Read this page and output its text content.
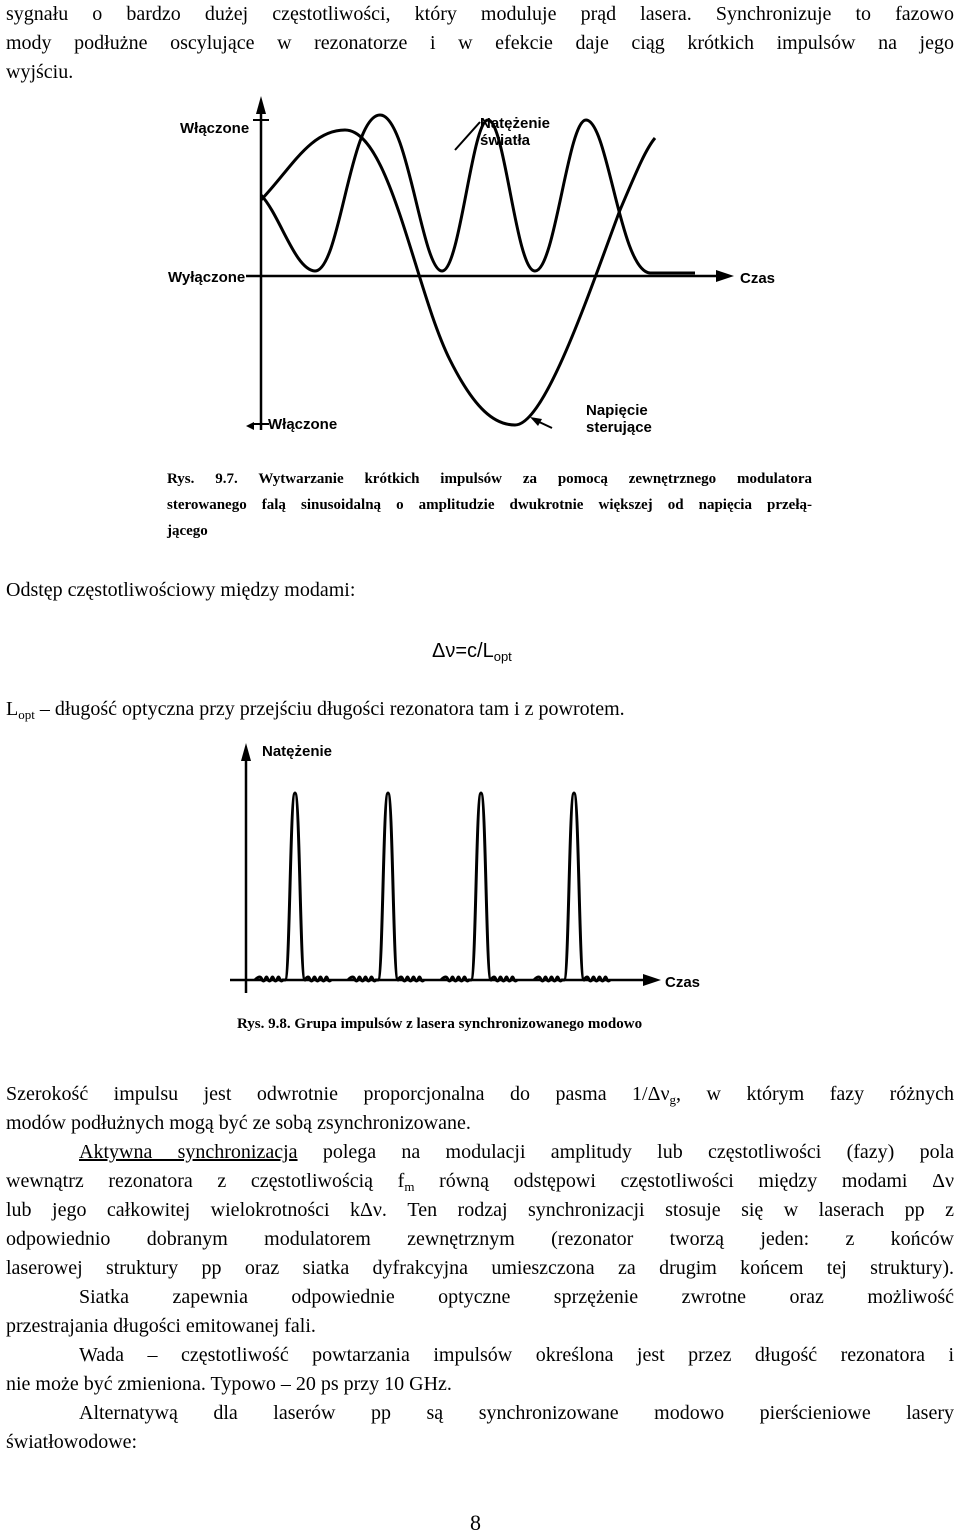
sygnału o bardzo dużej częstotliwości, który moduluje prąd lasera. Synchronizuje to fazowo

mody podłużne oscylujące w rezonatorze i w efekcie daje ciąg krótkich impulsów na jego

wyjściu.

Włączone	Natężenie
światła
Wyłączone	Czas
Włączone
Napięcie
sterujące
Rys. 9.7. Wytwarzanie krótkich impulsów za pomocą zewnętrznego modulatora
sterowanego falą sinusoidalną o amplitudzie dwukrotnie większej od napięcia przełą-
jącego

Odstęp częstotliwościowy między modami:

$\Delta\nu=c/L_{opt}$

$L_{opt}$ – długość optyczna przy przejściu długości rezonatora tam i z powrotem.

Natężenie
Czas
Rys. 9.8. Grupa impulsów z lasera synchronizowanego modowo

Szerokość impulsu jest odwrotnie proporcjonalna do pasma $1/\Delta\nu_g$, w którym fazy różnych

modów podłużnych mogą być ze sobą zsynchronizowane.

Aktywna synchronizacja polega na modulacji amplitudy lub częstotliwości (fazy) pola

wewnątrz rezonatora z częstotliwością $f_m$ równą odstępowi częstotliwości między modami Δν

lub jego całkowitej wielokrotności kΔν. Ten rodzaj synchronizacji stosuje się w laserach pp z

odpowiednio dobranym modulatorem zewnętrznym (rezonator tworzą jeden: z końców

laserowej struktury pp oraz siatka dyfrakcyjna umieszczona za drugim końcem tej struktury).

Siatka zapewnia odpowiednie optyczne sprzężenie zwrotne oraz możliwość

przestrajania długości emitowanej fali.

Wada – częstotliwość powtarzania impulsów określona jest przez długość rezonatora i

nie może być zmieniona. Typowo – 20 ps przy 10 GHz.

Alternatywą dla laserów pp są synchronizowane modowo pierścieniowe lasery

światłowodowe:

8
